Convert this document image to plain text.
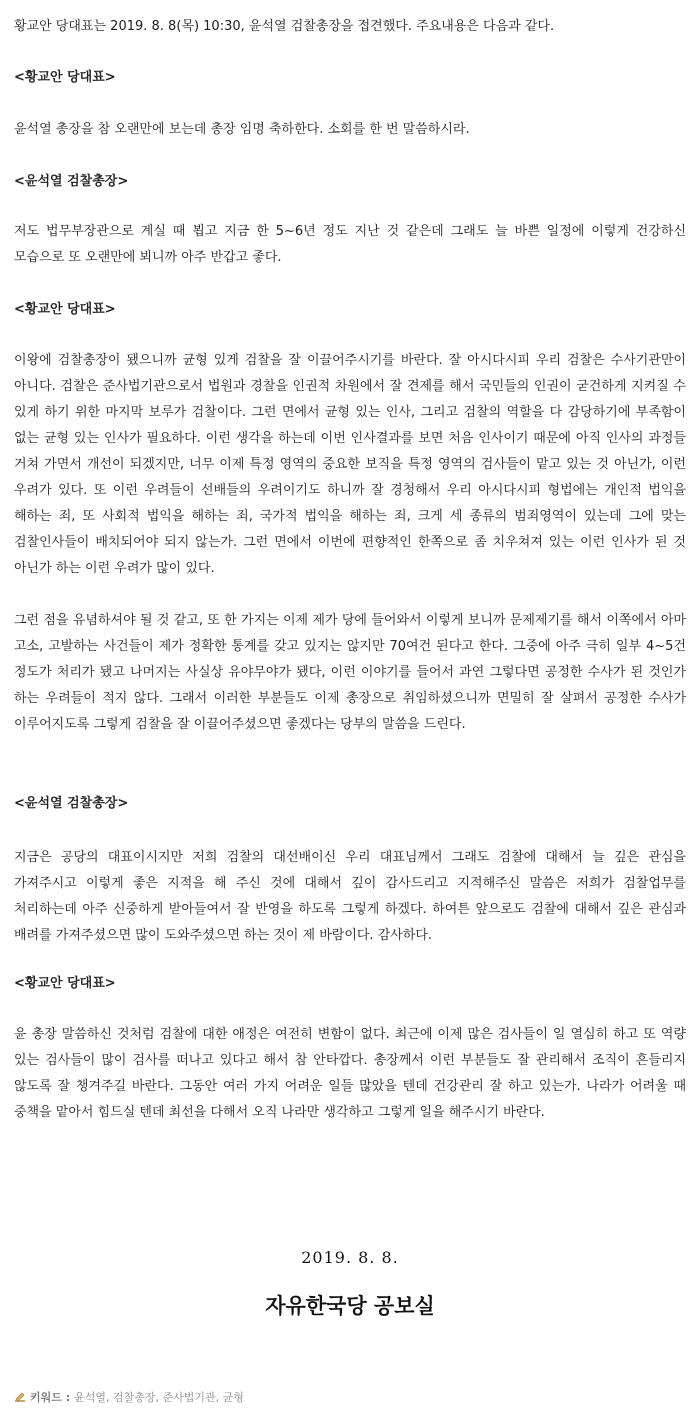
황교안 당대표는 2019. 8. 8(목) 10:30, 윤석열 검찰총장을 접견했다. 주요내용은 다음과 같다.

<황교안 당대표>

윤석열 총장을 참 오랜만에 보는데 총장 임명 축하한다. 소회를 한 번 말씀하시라.

<윤석열 검찰총장>

저도 법무부장관으로 계실 때 뵙고 지금 한 5~6년 정도 지난 것 같은데 그래도 늘 바쁜 일정에 이렇게 건강하신 모습으로 또 오랜만에 뵈니까 아주 반갑고 좋다.

<황교안 당대표>

이왕에 검찰총장이 됐으니까 균형 있게 검찰을 잘 이끌어주시기를 바란다. 잘 아시다시피 우리 검찰은 수사기관만이 아니다. 검찰은 준사법기관으로서 법원과 경찰을 인권적 차원에서 잘 견제를 해서 국민들의 인권이 굳건하게 지켜질 수 있게 하기 위한 마지막 보루가 검찰이다. 그런 면에서 균형 있는 인사, 그리고 검찰의 역할을 다 감당하기에 부족함이 없는 균형 있는 인사가 필요하다. 이런 생각을 하는데 이번 인사결과를 보면 처음 인사이기 때문에 아직 인사의 과정들 거쳐 가면서 개선이 되겠지만, 너무 이제 특정 영역의 중요한 보직을 특정 영역의 검사들이 맡고 있는 것 아닌가, 이런 우려가 있다. 또 이런 우려들이 선배들의 우려이기도 하니까 잘 경청해서 우리 아시다시피 형법에는 개인적 법익을 해하는 죄, 또 사회적 법익을 해하는 죄, 국가적 법익을 해하는 죄, 크게 세 종류의 범죄영역이 있는데 그에 맞는 검찰인사들이 배치되어야 되지 않는가. 그런 면에서 이번에 편향적인 한쪽으로 좀 치우쳐져 있는 이런 인사가 된 것 아닌가 하는 이런 우려가 많이 있다.

그런 점을 유념하셔야 될 것 같고, 또 한 가지는 이제 제가 당에 들어와서 이렇게 보니까 문제제기를 해서 이쪽에서 아마 고소, 고발하는 사건들이 제가 정확한 통계를 갖고 있지는 않지만 70여건 된다고 한다. 그중에 아주 극히 일부 4~5건 정도가 처리가 됐고 나머지는 사실상 유야무야가 됐다, 이런 이야기를 들어서 과연 그렇다면 공정한 수사가 된 것인가 하는 우려들이 적지 않다. 그래서 이러한 부분들도 이제 총장으로 취임하셨으니까 면밀히 잘 살펴서 공정한 수사가 이루어지도록 그렇게 검찰을 잘 이끌어주셨으면 좋겠다는 당부의 말씀을 드린다.

<윤석열 검찰총장>

지금은 공당의 대표이시지만 저희 검찰의 대선배이신 우리 대표님께서 그래도 검찰에 대해서 늘 깊은 관심을 가져주시고 이렇게 좋은 지적을 해 주신 것에 대해서 깊이 감사드리고 지적해주신 말씀은 저희가 검찰업무를 처리하는데 아주 신중하게 받아들여서 잘 반영을 하도록 그렇게 하겠다. 하여튼 앞으로도 검찰에 대해서 깊은 관심과 배려를 가져주셨으면 많이 도와주셨으면 하는 것이 제 바람이다. 감사하다.

<황교안 당대표>

윤 총장 말씀하신 것처럼 검찰에 대한 애정은 여전히 변함이 없다. 최근에 이제 많은 검사들이 일 열심히 하고 또 역량 있는 검사들이 많이 검사를 떠나고 있다고 해서 참 안타깝다. 총장께서 이런 부분들도 잘 관리해서 조직이 흔들리지 않도록 잘 챙겨주길 바란다. 그동안 여러 가지 어려운 일들 많았을 텐데 건강관리 잘 하고 있는가. 나라가 어려울 때 중책을 맡아서 힘드실 텐데 최선을 다해서 오직 나라만 생각하고 그렇게 일을 해주시기 바란다.

2019. 8. 8.
자유한국당 공보실
키워드 : 윤석열, 검찰총장, 준사법기관, 균형
